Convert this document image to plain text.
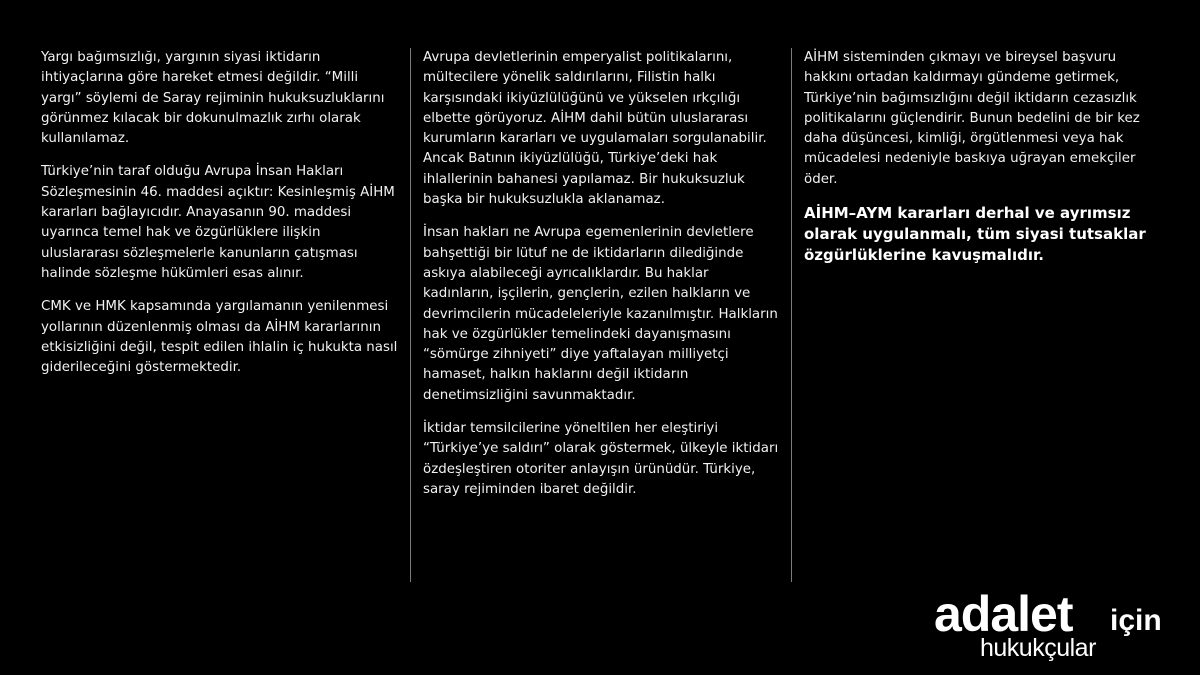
Yargı bağımsızlığı, yargının siyasi iktidarın ihtiyaçlarına göre hareket etmesi değildir. “Milli yargı” söylemi de Saray rejiminin hukuksuzluklarını görünmez kılacak bir dokunulmazlık zırhı olarak kullanılamaz.

Türkiye’nin taraf olduğu Avrupa İnsan Hakları Sözleşmesinin 46. maddesi açıktır: Kesinleşmiş AİHM kararları bağlayıcıdır. Anayasanın 90. maddesi uyarınca temel hak ve özgürlüklere ilişkin uluslararası sözleşmelerle kanunların çatışması halinde sözleşme hükümleri esas alınır.

CMK ve HMK kapsamında yargılamanın yenilenmesi yollarının düzenlenmiş olması da AİHM kararlarının etkisizliğini değil, tespit edilen ihlalin iç hukukta nasıl giderileceğini göstermektedir.

Avrupa devletlerinin emperyalist politikalarını, mültecilere yönelik saldırılarını, Filistin halkı karşısındaki ikiyüzlülüğünü ve yükselen ırkçılığı elbette görüyoruz. AİHM dahil bütün uluslararası kurumların kararları ve uygulamaları sorgulanabilir. Ancak Batının ikiyüzlülüğü, Türkiye’deki hak ihlallerinin bahanesi yapılamaz. Bir hukuksuzluk başka bir hukuksuzlukla aklanamaz.

İnsan hakları ne Avrupa egemenlerinin devletlere bahşettiği bir lütuf ne de iktidarların dilediğinde askıya alabileceği ayrıcalıklardır. Bu haklar kadınların, işçilerin, gençlerin, ezilen halkların ve devrimcilerin mücadeleleriyle kazanılmıştır. Halkların hak ve özgürlükler temelindeki dayanışmasını “sömürge zihniyeti” diye yaftalayan milliyetçi hamaset, halkın haklarını değil iktidarın denetimsizliğini savunmaktadır.

İktidar temsilcilerine yöneltilen her eleştiriyi “Türkiye’ye saldırı” olarak göstermek, ülkeyle iktidarı özdeşleştiren otoriter anlayışın ürünüdür. Türkiye, saray rejiminden ibaret değildir.

AİHM sisteminden çıkmayı ve bireysel başvuru hakkını ortadan kaldırmayı gündeme getirmek, Türkiye’nin bağımsızlığını değil iktidarın cezasızlık politikalarını güçlendirir. Bunun bedelini de bir kez daha düşüncesi, kimliği, örgütlenmesi veya hak mücadelesi nedeniyle baskıya uğrayan emekçiler öder.

AİHM–AYM kararları derhal ve ayrımsız olarak uygulanmalı, tüm siyasi tutsaklar özgürlüklerine kavuşmalıdır.

adalet için
hukukçular
